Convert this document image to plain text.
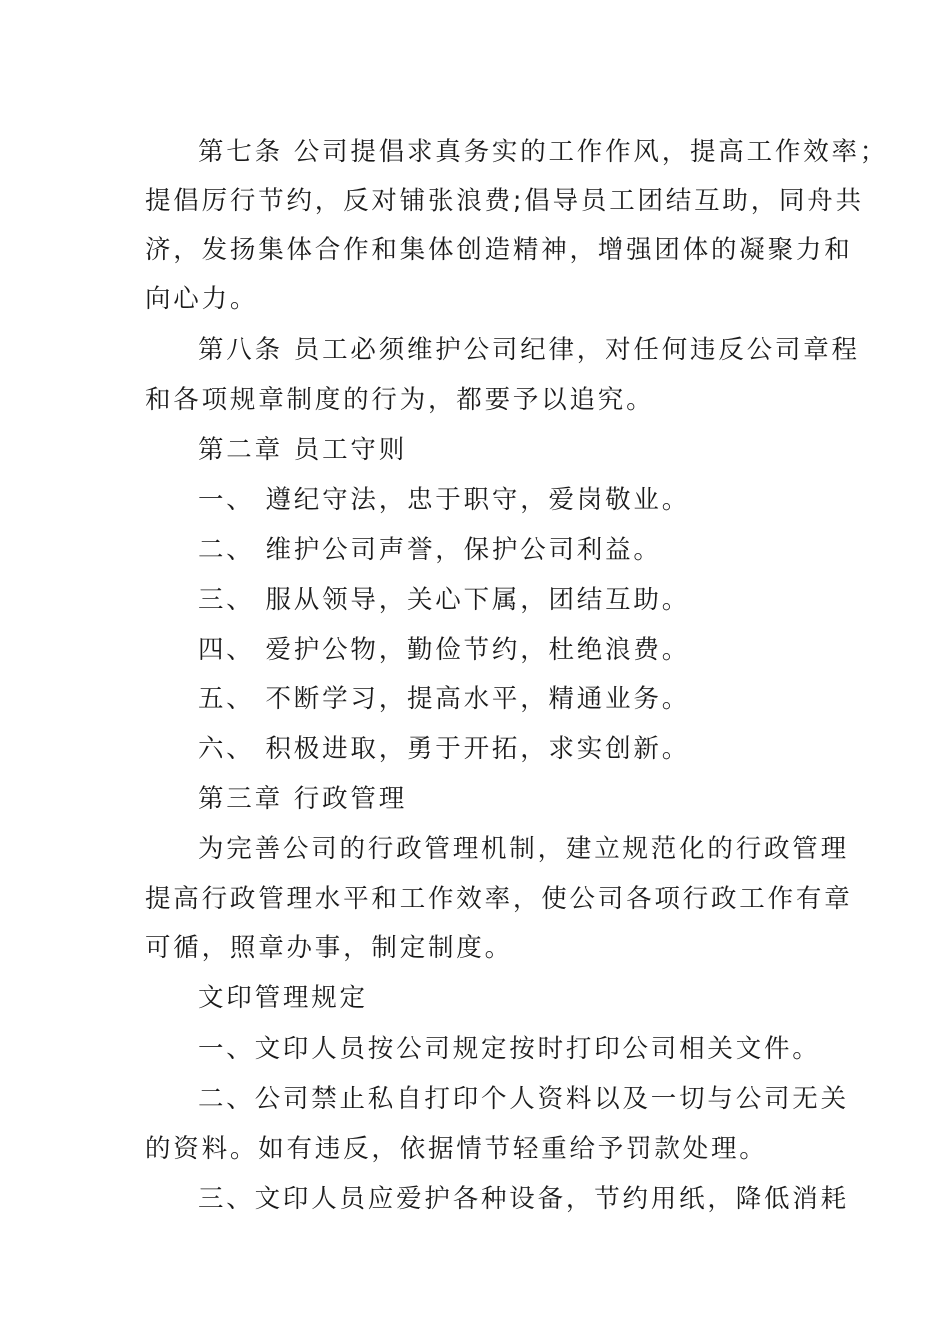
第七条 公司提倡求真务实的工作作风，提高工作效率；
提倡厉行节约，反对铺张浪费;倡导员工团结互助，同舟共
济，发扬集体合作和集体创造精神，增强团体的凝聚力和
向心力。
第八条 员工必须维护公司纪律，对任何违反公司章程
和各项规章制度的行为，都要予以追究。
第二章 员工守则
一、 遵纪守法，忠于职守，爱岗敬业。
二、 维护公司声誉，保护公司利益。
三、 服从领导，关心下属，团结互助。
四、 爱护公物，勤俭节约，杜绝浪费。
五、 不断学习，提高水平，精通业务。
六、 积极进取，勇于开拓，求实创新。
第三章 行政管理
为完善公司的行政管理机制，建立规范化的行政管理
提高行政管理水平和工作效率，使公司各项行政工作有章
可循，照章办事，制定制度。
文印管理规定
一、文印人员按公司规定按时打印公司相关文件。
二、公司禁止私自打印个人资料以及一切与公司无关
的资料。如有违反，依据情节轻重给予罚款处理。
三、文印人员应爱护各种设备，节约用纸，降低消耗
